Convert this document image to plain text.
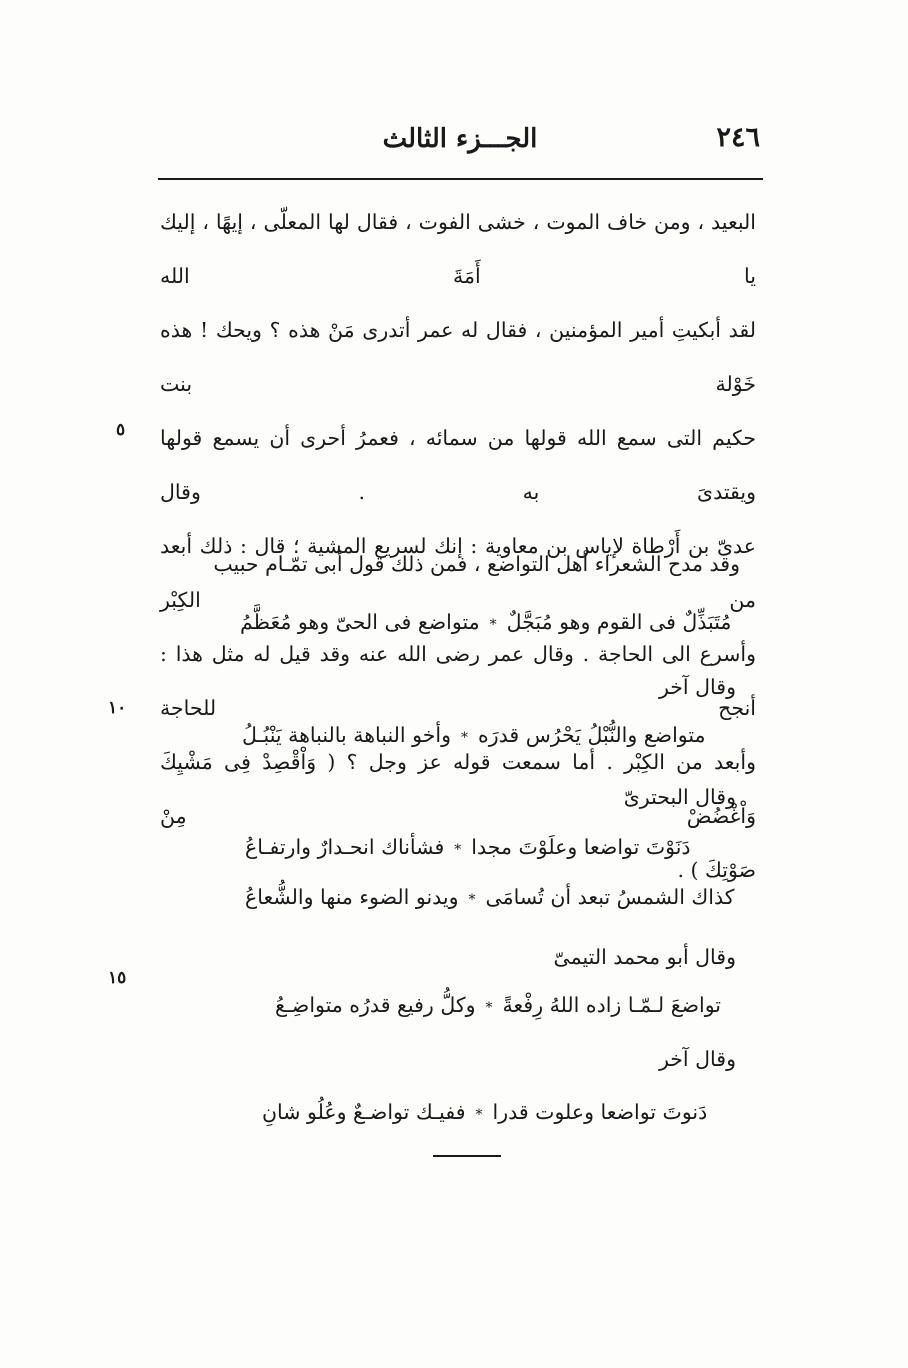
٢٤٦
الجـــزء الثالث
البعيد ، ومن خاف الموت ، خشى الفوت ، فقال لها المعلّى ، إيهًا ، إليك يا أَمَةَ الله
لقد أبكيتِ أمير المؤمنين ، فقال له عمر أتدرى مَنْ هذه ؟ ويحك ! هذه خَوْلة بنت
حكيم التى سمع الله قولها من سمائه ، فعمرُ أحرى أن يسمع قولها ويقتدىَ به . وقال
عدىّ بن أَرْطاة لإياس بن معاوية : إنك لسريع المشية ؛ قال : ذلك أبعد من الكِبْر
وأسرع الى الحاجة . وقال عمر رضى الله عنه وقد قيل له مثل هذا : أنجح للحاجة
وأبعد من الكِبْر . أما سمعت قوله عز وجل ؟ ( وَاْقْصِدْ فِى مَشْيِكَ وَاْغْضُضْ مِنْ
صَوْتِكَ ) .

وقد مدح الشعراء أهل التواضع ، فمن ذلك قول أبى تمّـام حبيب

مُتَبَذِّلٌ فى القوم وهو مُبَجَّلٌ
*
متواضع فى الحىّ وهو مُعَظَّمُ

وقال آخر

متواضع والنُّبْلُ يَحْرُس قدرَه
*
وأخو النباهة بالنباهة يَنْبُـلُ

وقال البحترىّ

دَنَوْتَ تواضعا وعلَوْتَ مجدا
*
فشأناك انحـدارٌ وارتفـاعُ
كذاك الشمسُ تبعد أن تُسامَى
*
ويدنو الضوء منها والشُّعاعُ

وقال أبو محمد التيمىّ

تواضعَ لـمّـا زاده اللهُ رِفْعةً
*
وكلُّ رفيع قدرُه متواضِـعُ

وقال آخر

دَنوتَ تواضعا وعلوت قدرا
*
ففيـك تواضـعٌ وعُلُو شانِ
٥
١٠
١٥
